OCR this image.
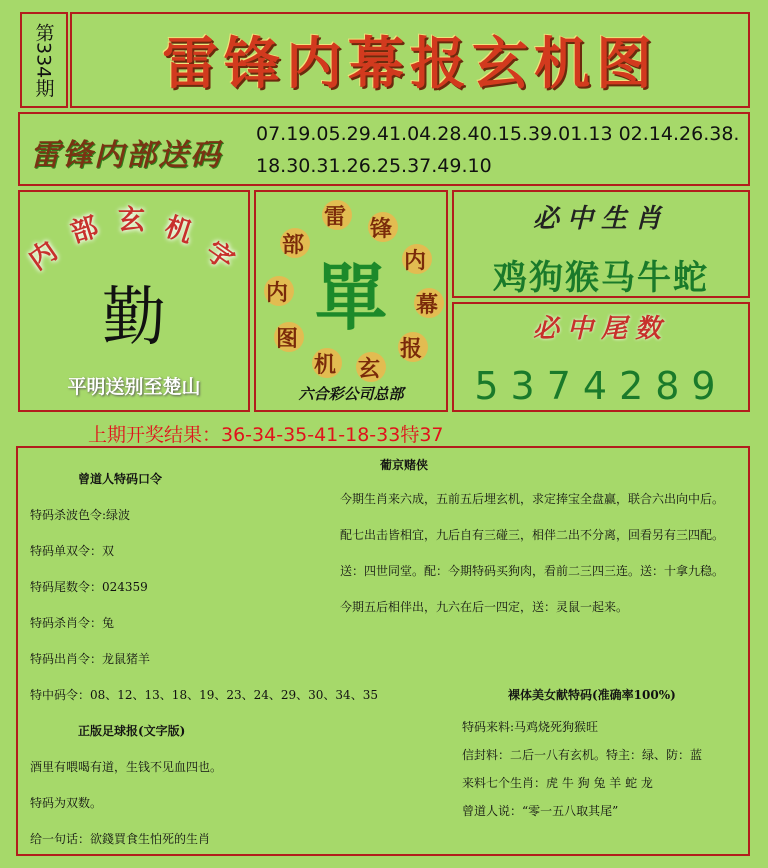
第334期 雷锋内幕报玄机图
雷锋内部送码
07.19.05.29.41.04.28.40.15.39.01.13 02.14.26.38.18.30.31.26.25.37.49.10
内
部 玄 机
字
勤
平明送别至楚山
雷 锋
内
幕
报
玄
机
图
内
部
單
六合彩公司总部
必中生肖
鸡狗猴马牛蛇
必中尾数
5374289
上期开奖结果：36-34-35-41-18-33特37
曾道人特码口令
特码杀波色令:绿波
特码单双令：双
特码尾数令：024359
特码杀肖令：兔
特码出肖令：龙鼠猪羊
特中码令：08、12、13、18、19、23、24、29、30、34、35
正版足球报(文字版)
酒里有喂喝有道，生钱不见血四也。
特码为双数。
给一句话：欲錢買食生怕死的生肖
葡京赌侠
今期生肖来六成，五前五后埋玄机，求定捧宝全盘赢，联合六出向中后。
配七出击皆相宜，九后自有三碰三，相伴二出不分离，回看另有三四配。
送：四世同堂。配：今期特码买狗肉，看前二三四三连。送：十拿九稳。
今期五后相伴出，九六在后一四定，送：灵鼠一起来。
裸体美女献特码(准确率100%)
特码来料:马鸡烧死狗猴旺
信封料：二后一八有玄机。特主：绿、防：蓝
来料七个生肖：虎 牛 狗 兔 羊 蛇 龙
曾道人说：“零一五八取其尾”
